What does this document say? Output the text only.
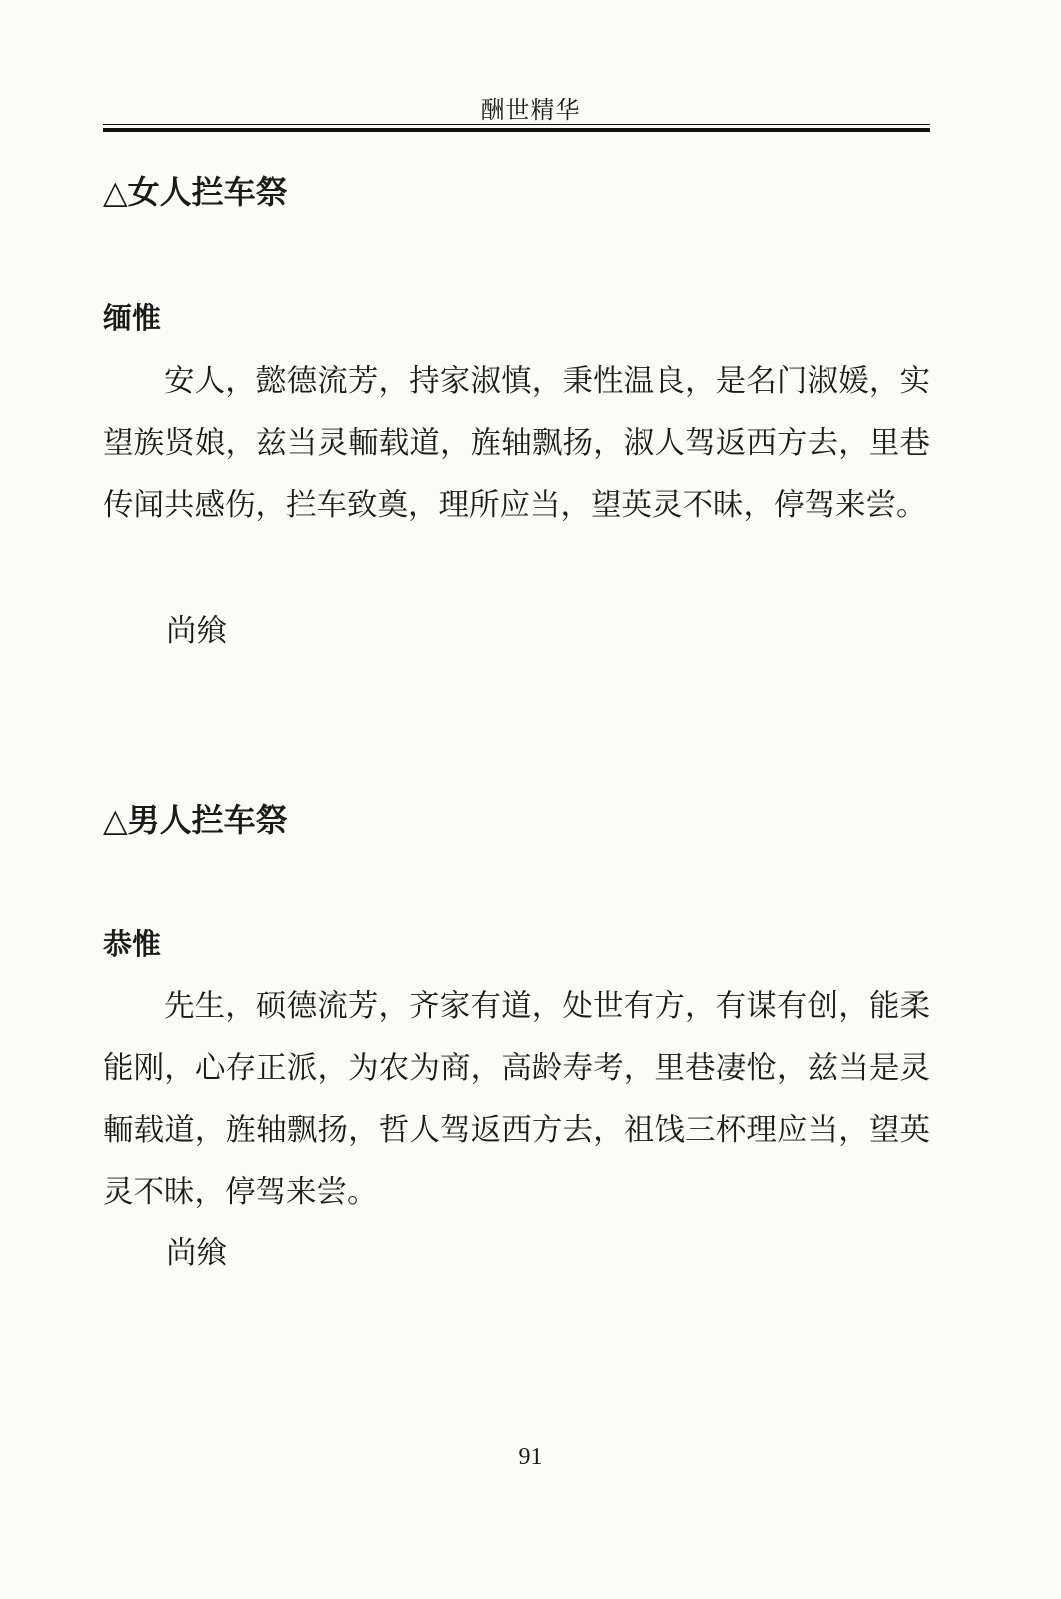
酬世精华
△女人拦车祭
缅惟

安人，懿德流芳，持家淑慎，秉性温良，是名门淑媛，实望族贤娘，兹当灵輀载道，旌轴飘扬，淑人驾返西方去，里巷传闻共感伤，拦车致奠，理所应当，望英灵不昧，停驾来尝。

尚飨
△男人拦车祭
恭惟

先生，硕德流芳，齐家有道，处世有方，有谋有创，能柔能刚，心存正派，为农为商，高龄寿考，里巷凄怆，兹当是灵輀载道，旌轴飘扬，哲人驾返西方去，祖饯三杯理应当，望英灵不昧，停驾来尝。

尚飨
91
